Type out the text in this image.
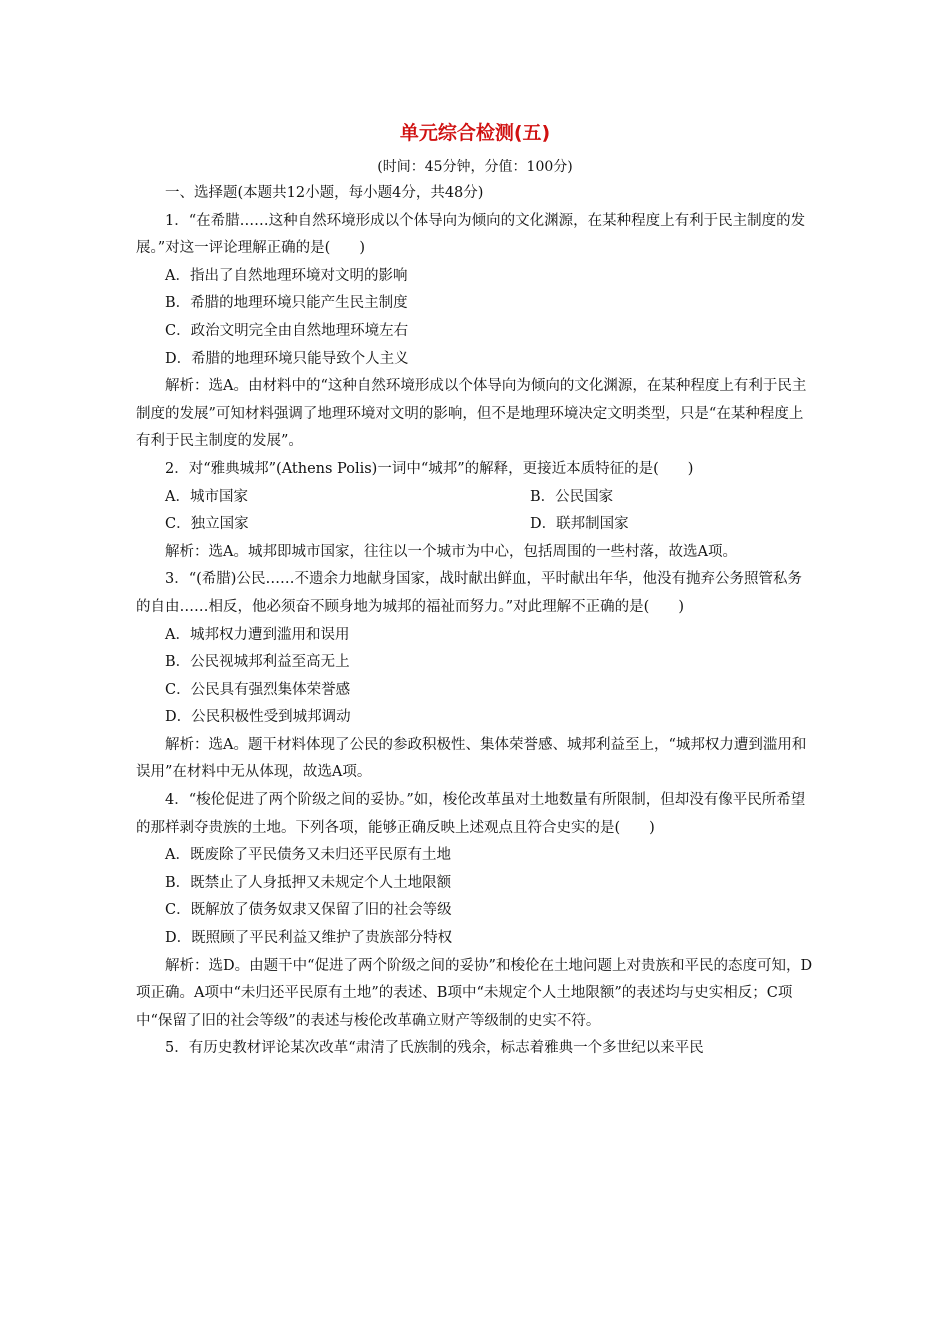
单元综合检测(五)
(时间：45分钟，分值：100分)

一、选择题(本题共12小题，每小题4分，共48分)

1．“在希腊……这种自然环境形成以个体导向为倾向的文化渊源，在某种程度上有利于民主制度的发展。”对这一评论理解正确的是(　　)

A．指出了自然地理环境对文明的影响

B．希腊的地理环境只能产生民主制度

C．政治文明完全由自然地理环境左右

D．希腊的地理环境只能导致个人主义

解析：选A。由材料中的“这种自然环境形成以个体导向为倾向的文化渊源，在某种程度上有利于民主制度的发展”可知材料强调了地理环境对文明的影响，但不是地理环境决定文明类型，只是“在某种程度上有利于民主制度的发展”。

2．对“雅典城邦”(Athens Polis)一词中“城邦”的解释，更接近本质特征的是(　　)

A．城市国家	B．公民国家
C．独立国家	D．联邦制国家

解析：选A。城邦即城市国家，往往以一个城市为中心，包括周围的一些村落，故选A项。

3．“(希腊)公民……不遗余力地献身国家，战时献出鲜血，平时献出年华，他没有抛弃公务照管私务的自由……相反，他必须奋不顾身地为城邦的福祉而努力。”对此理解不正确的是(　　)

A．城邦权力遭到滥用和误用

B．公民视城邦利益至高无上

C．公民具有强烈集体荣誉感

D．公民积极性受到城邦调动

解析：选A。题干材料体现了公民的参政积极性、集体荣誉感、城邦利益至上，“城邦权力遭到滥用和误用”在材料中无从体现，故选A项。

4．“梭伦促进了两个阶级之间的妥协。”如，梭伦改革虽对土地数量有所限制，但却没有像平民所希望的那样剥夺贵族的土地。下列各项，能够正确反映上述观点且符合史实的是(　　)

A．既废除了平民债务又未归还平民原有土地

B．既禁止了人身抵押又未规定个人土地限额

C．既解放了债务奴隶又保留了旧的社会等级

D．既照顾了平民利益又维护了贵族部分特权

解析：选D。由题干中“促进了两个阶级之间的妥协”和梭伦在土地问题上对贵族和平民的态度可知，D项正确。A项中“未归还平民原有土地”的表述、B项中“未规定个人土地限额”的表述均与史实相反；C项中“保留了旧的社会等级”的表述与梭伦改革确立财产等级制的史实不符。

5．有历史教材评论某次改革“肃清了氏族制的残余，标志着雅典一个多世纪以来平民
